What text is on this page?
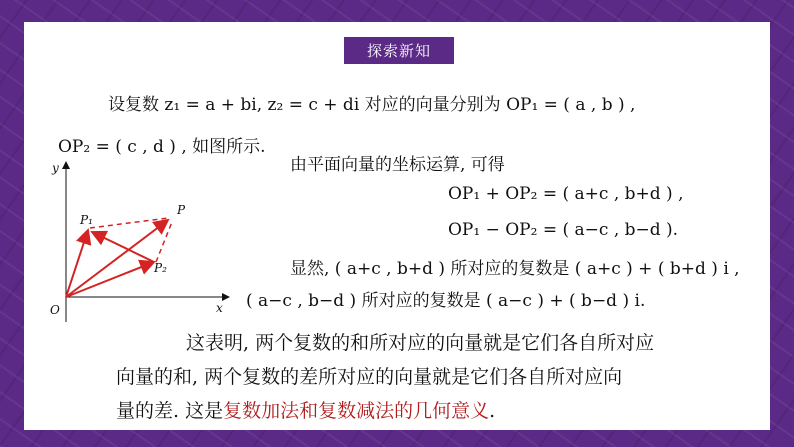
探索新知
设复数 z₁ = a + bi, z₂ = c + di 对应的向量分别为 OP₁ = ( a , b ) ,
OP₂ = ( c , d ) , 如图所示.
由平面向量的坐标运算, 可得
OP₁ + OP₂ = ( a+c , b+d ) ,
OP₁ − OP₂ = ( a−c , b−d ).
显然, ( a+c , b+d ) 所对应的复数是 ( a+c ) + ( b+d ) i ,
( a−c , b−d ) 所对应的复数是 ( a−c ) + ( b−d ) i.
这表明, 两个复数的和所对应的向量就是它们各自所对应
向量的和, 两个复数的差所对应的向量就是它们各自所对应向
量的差. 这是复数加法和复数减法的几何意义.
y
x
O
P₁
P₂
P
